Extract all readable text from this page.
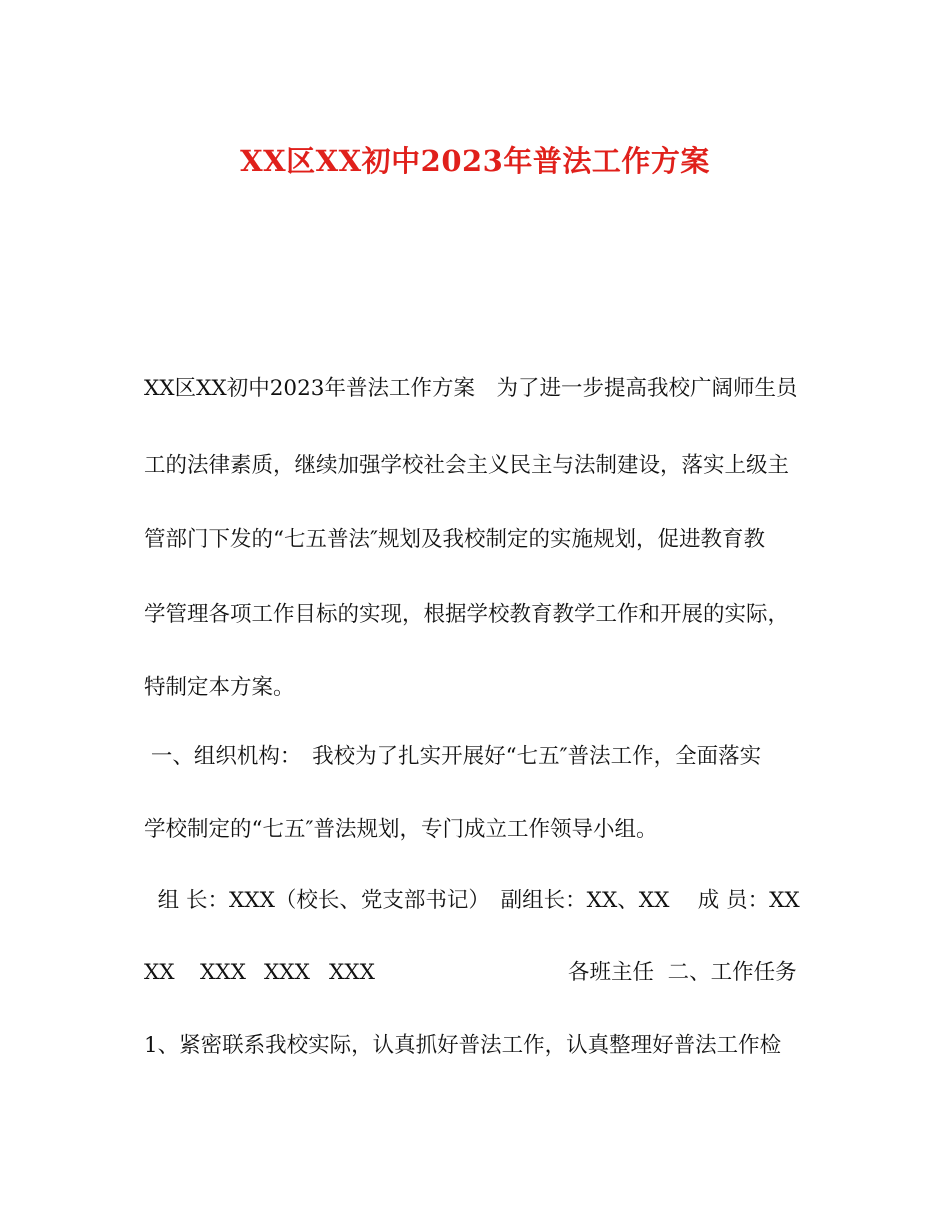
XX区XX初中2023年普法工作方案
XX区XX初中2023年普法工作方案　为了进一步提高我校广阔师生员
工的法律素质，继续加强学校社会主义民主与法制建设，落实上级主
管部门下发的“七五普法″规划及我校制定的实施规划，促进教育教
学管理各项工作目标的实现，根据学校教育教学工作和开展的实际，
特制定本方案。
一、组织机构：　我校为了扎实开展好“七五″普法工作，全面落实
学校制定的“七五″普法规划，专门成立工作领导小组。
组 长：XXX（校长、党支部书记）　副组长：XX、XX　 成 员：XX

XX

XXX

XXX

XXX

	各班主任  二、工作任务

1、紧密联系我校实际，认真抓好普法工作，认真整理好普法工作检
